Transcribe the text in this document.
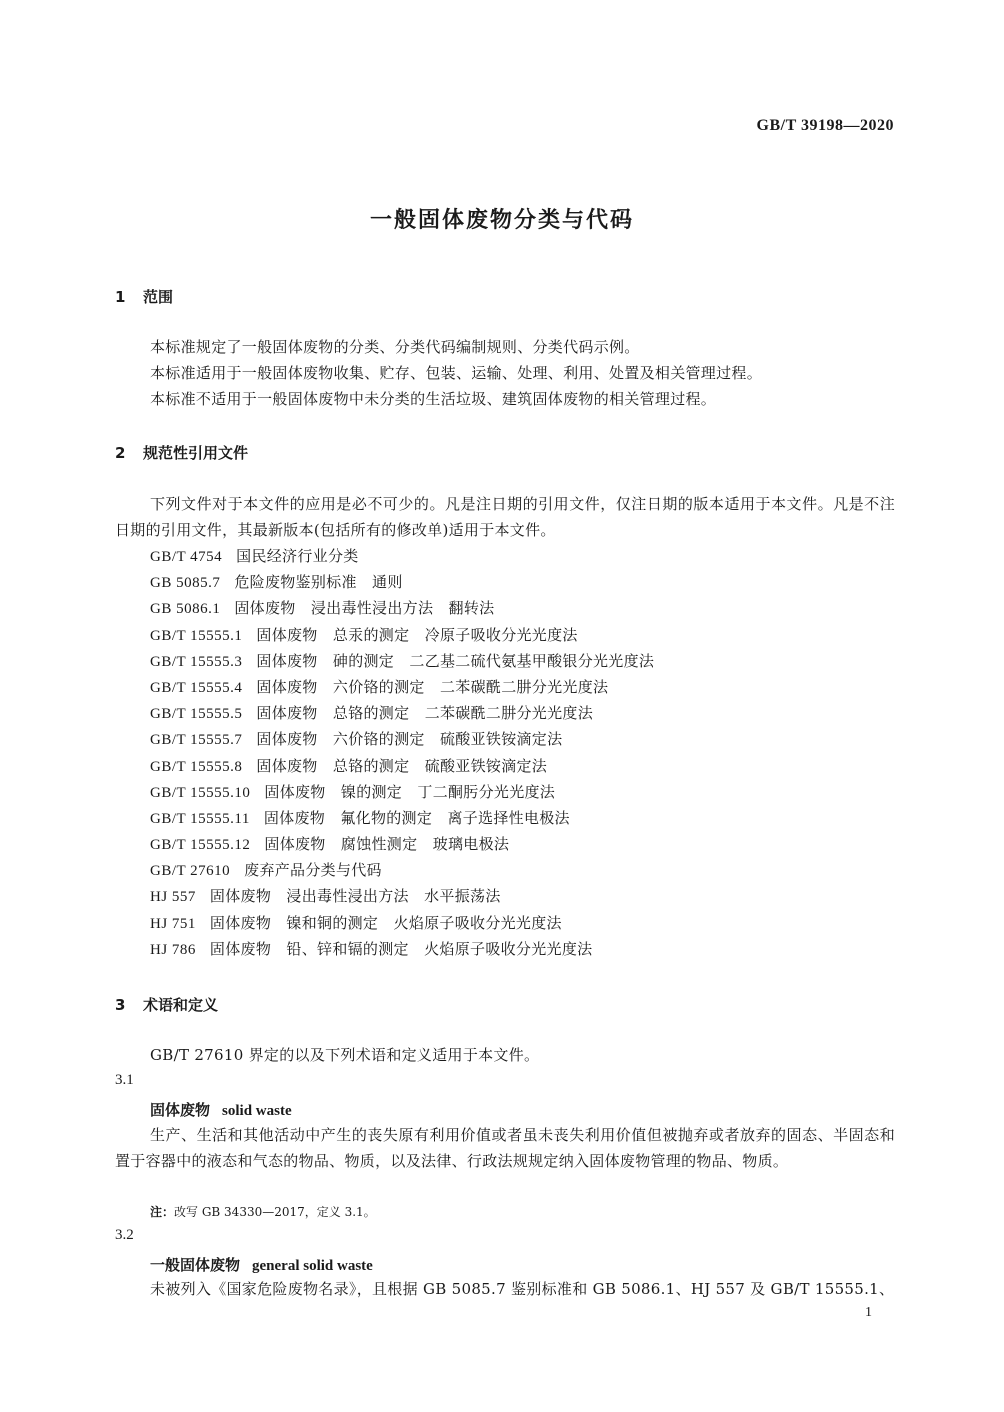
GB/T 39198—2020
一般固体废物分类与代码
1 范围
本标准规定了一般固体废物的分类、分类代码编制规则、分类代码示例。
本标准适用于一般固体废物收集、贮存、包装、运输、处理、利用、处置及相关管理过程。
本标准不适用于一般固体废物中未分类的生活垃圾、建筑固体废物的相关管理过程。
2 规范性引用文件
下列文件对于本文件的应用是必不可少的。凡是注日期的引用文件，仅注日期的版本适用于本文件。凡是不注日期的引用文件，其最新版本(包括所有的修改单)适用于本文件。
GB/T 4754 国民经济行业分类
GB 5085.7 危险废物鉴别标准　通则
GB 5086.1 固体废物　浸出毒性浸出方法　翻转法
GB/T 15555.1 固体废物　总汞的测定　冷原子吸收分光光度法
GB/T 15555.3 固体废物　砷的测定　二乙基二硫代氨基甲酸银分光光度法
GB/T 15555.4 固体废物　六价铬的测定　二苯碳酰二肼分光光度法
GB/T 15555.5 固体废物　总铬的测定　二苯碳酰二肼分光光度法
GB/T 15555.7 固体废物　六价铬的测定　硫酸亚铁铵滴定法
GB/T 15555.8 固体废物　总铬的测定　硫酸亚铁铵滴定法
GB/T 15555.10 固体废物　镍的测定　丁二酮肟分光光度法
GB/T 15555.11 固体废物　氟化物的测定　离子选择性电极法
GB/T 15555.12 固体废物　腐蚀性测定　玻璃电极法
GB/T 27610 废弃产品分类与代码
HJ 557 固体废物　浸出毒性浸出方法　水平振荡法
HJ 751 固体废物　镍和铜的测定　火焰原子吸收分光光度法
HJ 786 固体废物　铅、锌和镉的测定　火焰原子吸收分光光度法
3 术语和定义
GB/T 27610 界定的以及下列术语和定义适用于本文件。
3.1
固体废物 solid waste
生产、生活和其他活动中产生的丧失原有利用价值或者虽未丧失利用价值但被抛弃或者放弃的固态、半固态和置于容器中的液态和气态的物品、物质，以及法律、行政法规规定纳入固体废物管理的物品、物质。
注：改写 GB 34330—2017，定义 3.1。
3.2
一般固体废物 general solid waste
未被列入《国家危险废物名录》，且根据 GB 5085.7 鉴别标准和 GB 5086.1、HJ 557 及 GB/T 15555.1、
1
